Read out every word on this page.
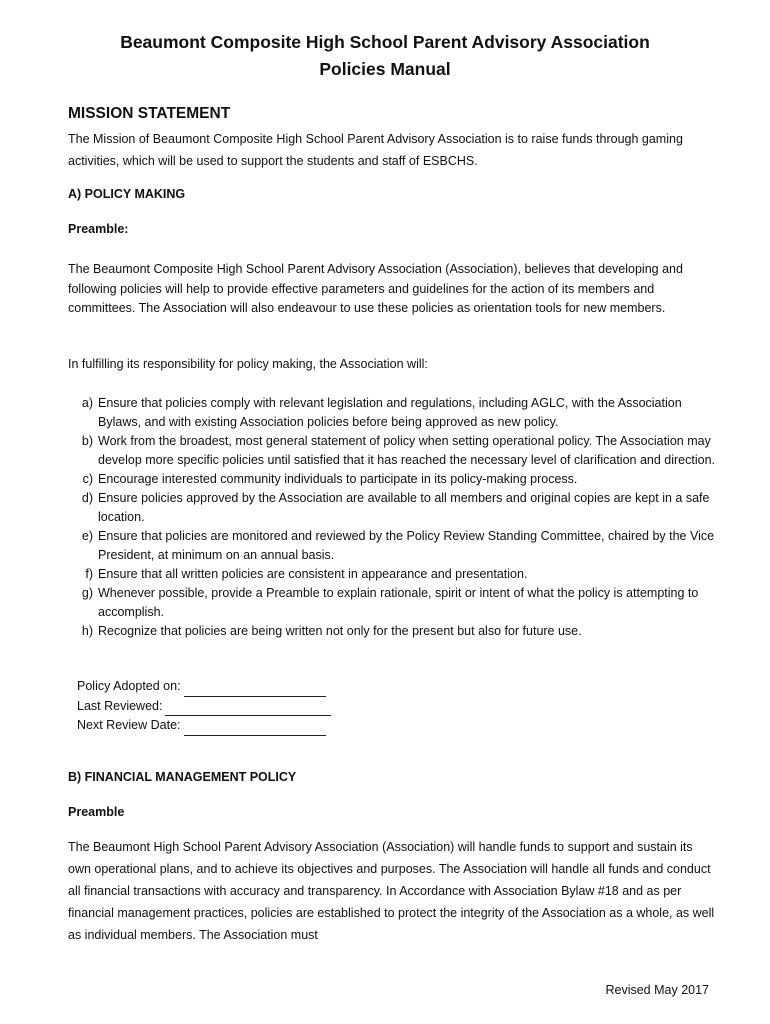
Beaumont Composite High School Parent Advisory Association
Policies Manual
MISSION STATEMENT
The Mission of Beaumont Composite High School Parent Advisory Association is to raise funds through gaming activities, which will be used to support the students and staff of ESBCHS.
A) POLICY MAKING
Preamble:
The Beaumont Composite High School Parent Advisory Association (Association), believes that developing and following policies will help to provide effective parameters and guidelines for the action of its members and committees. The Association will also endeavour to use these policies as orientation tools for new members.
In fulfilling its responsibility for policy making, the Association will:
a) Ensure that policies comply with relevant legislation and regulations, including AGLC, with the Association Bylaws, and with existing Association policies before being approved as new policy.
b) Work from the broadest, most general statement of policy when setting operational policy. The Association may develop more specific policies until satisfied that it has reached the necessary level of clarification and direction.
c) Encourage interested community individuals to participate in its policy-making process.
d) Ensure policies approved by the Association are available to all members and original copies are kept in a safe location.
e) Ensure that policies are monitored and reviewed by the Policy Review Standing Committee, chaired by the Vice President, at minimum on an annual basis.
f) Ensure that all written policies are consistent in appearance and presentation.
g) Whenever possible, provide a Preamble to explain rationale, spirit or intent of what the policy is attempting to accomplish.
h) Recognize that policies are being written not only for the present but also for future use.
Policy Adopted on:
Last Reviewed:
Next Review Date:
B) FINANCIAL MANAGEMENT POLICY
Preamble
The Beaumont High School Parent Advisory Association (Association) will handle funds to support and sustain its own operational plans, and to achieve its objectives and purposes. The Association will handle all funds and conduct all financial transactions with accuracy and transparency. In Accordance with Association Bylaw #18 and as per financial management practices, policies are established to protect the integrity of the Association as a whole, as well as individual members. The Association must
Revised May 2017
